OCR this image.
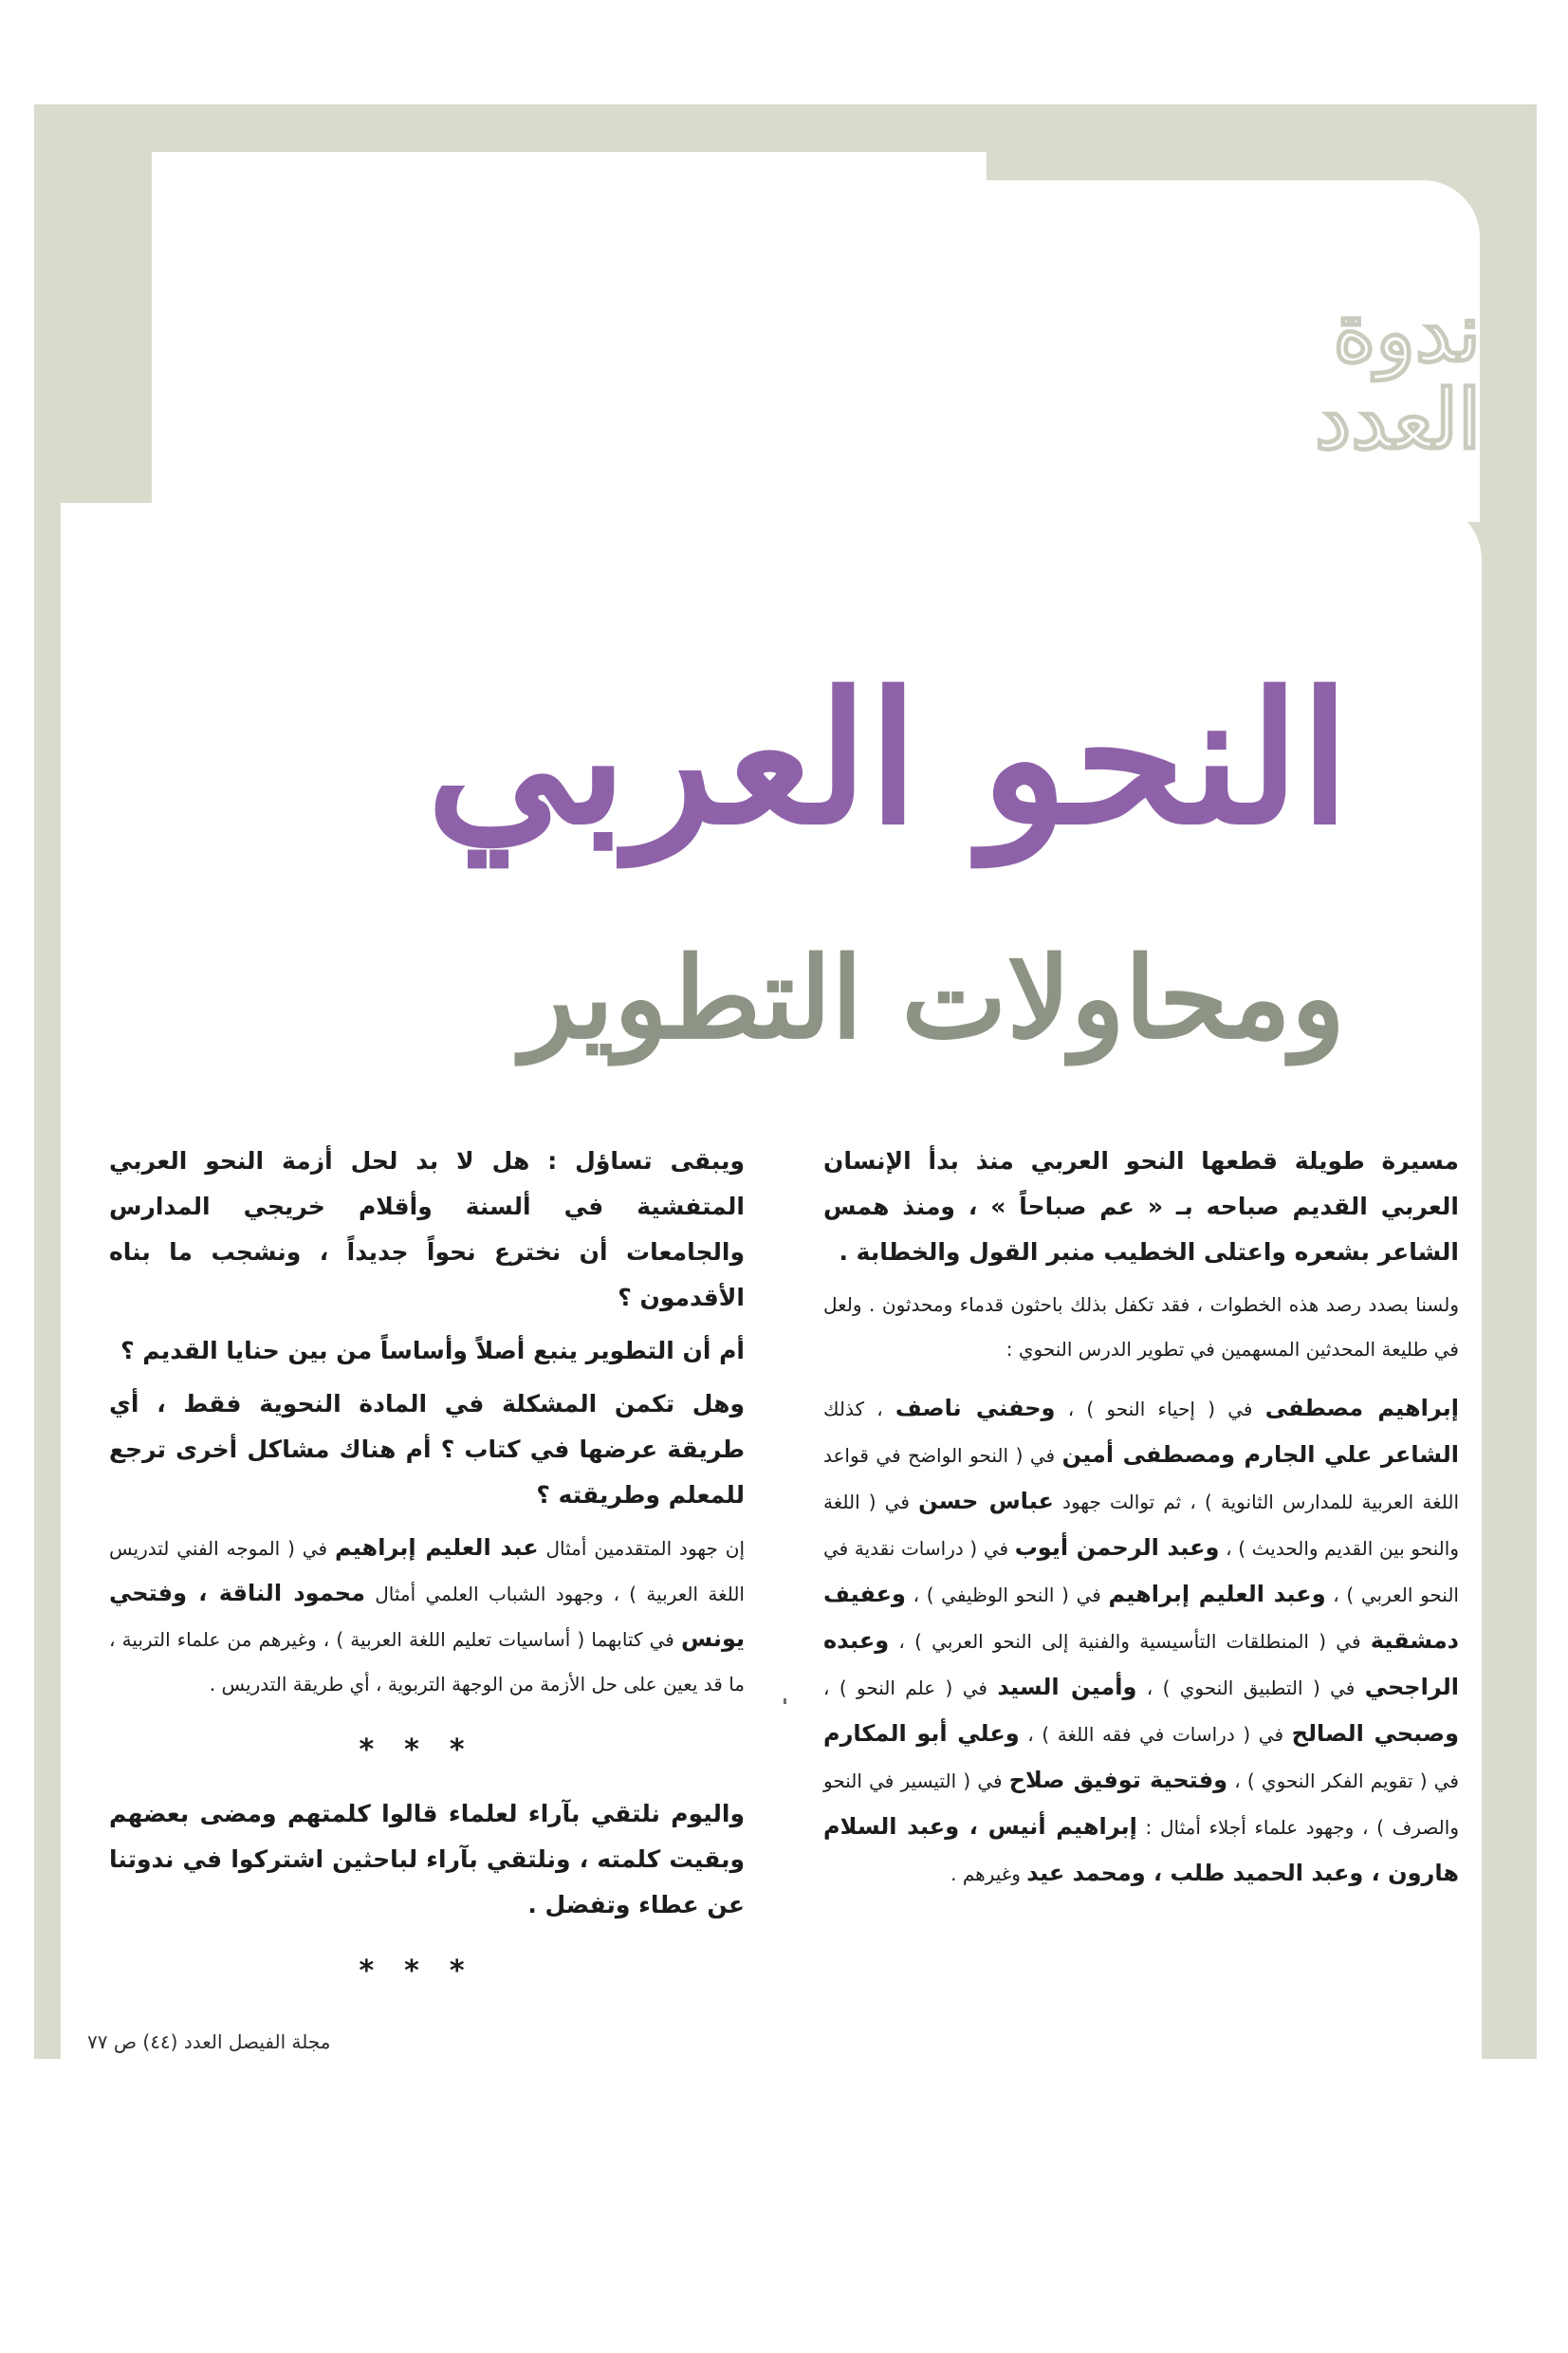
ندوة
العدد
النحو العربي
ومحاولات التطوير

مسيرة طويلة قطعها النحو العربي منذ بدأ الإنسان العربي القديم صباحه بـ « عم صباحاً » ، ومنذ همس الشاعر بشعره واعتلى الخطيب منبر القول والخطابة .

ولسنا بصدد رصد هذه الخطوات ، فقد تكفل بذلك باحثون قدماء ومحدثون . ولعل في طليعة المحدثين المسهمين في تطوير الدرس النحوي :

إبراهيم مصطفى في ( إحياء النحو ) ، وحفني ناصف ، كذلك الشاعر علي الجارم ومصطفى أمين في ( النحو الواضح في قواعد اللغة العربية للمدارس الثانوية ) ، ثم توالت جهود عباس حسن في ( اللغة والنحو بين القديم والحديث ) ، وعبد الرحمن أيوب في ( دراسات نقدية في النحو العربي ) ، وعبد العليم إبراهيم في ( النحو الوظيفي ) ، وعفيف دمشقية في ( المنطلقات التأسيسية والفنية إلى النحو العربي ) ، وعبده الراجحي في ( التطبيق النحوي ) ، وأمين السيد في ( علم النحو ) ، وصبحي الصالح في ( دراسات في فقه اللغة ) ، وعلي أبو المكارم في ( تقويم الفكر النحوي ) ، وفتحية توفيق صلاح في ( التيسير في النحو والصرف ) ، وجهود علماء أجلاء أمثال : إبراهيم أنيس ، وعبد السلام هارون ، وعبد الحميد طلب ، ومحمد عيد وغيرهم .

ويبقى تساؤل : هل لا بد لحل أزمة النحو العربي المتفشية في ألسنة وأقلام خريجي المدارس والجامعات أن نخترع نحواً جديداً ، ونشجب ما بناه الأقدمون ؟

أم أن التطوير ينبع أصلاً وأساساً من بين حنايا القديم ؟

وهل تكمن المشكلة في المادة النحوية فقط ، أي طريقة عرضها في كتاب ؟ أم هناك مشاكل أخرى ترجع للمعلم وطريقته ؟

إن جهود المتقدمين أمثال عبد العليم إبراهيم في ( الموجه الفني لتدريس اللغة العربية ) ، وجهود الشباب العلمي أمثال محمود الناقة ، وفتحي يونس في كتابهما ( أساسيات تعليم اللغة العربية ) ، وغيرهم من علماء التربية ، ما قد يعين على حل الأزمة من الوجهة التربوية ، أي طريقة التدريس .

***

واليوم نلتقي بآراء لعلماء قالوا كلمتهم ومضى بعضهم وبقيت كلمته ، ونلتقي بآراء لباحثين اشتركوا في ندوتنا عن عطاء وتفضل .

***
مجلة الفيصل العدد (٤٤) ص ٧٧
